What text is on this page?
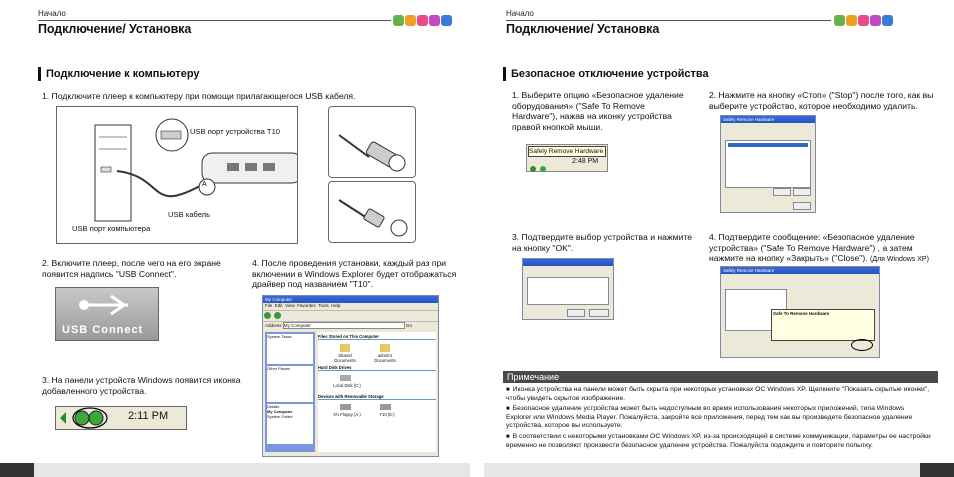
Начало
Подключение/ Установка
Подключение к компьютеру
1. Подключите плеер к компьютеру при помощи прилагающегося USB кабеля.
USB порт устройства T10
A
USB кабель
USB порт компьютера
2. Включите плеер, после чего на его экране появится надпись "USB Connect".
USB Connect
3. На панели устройств Windows появится иконка добавленного устройства.
2:11 PM
4. После проведения установки, каждый раз при включении в Windows Explorer будет отображаться драйвер под названием "T10".
My Computer
File Edit View Favorites Tools Help

Address My Computer	Go
System Tasks
Other Places
Details
My Computer
System Folder
Files Stored on This Computer
Shared Documents
admin's Documents
Hard Disk Drives
Local Disk (C:)
Devices with Removable Storage
3½ Floppy (A:)	T10 (E:)
Начало
Подключение/ Установка
Безопасное отключение устройства
1. Выберите опцию «Безопасное удаление оборудования» ("Safe To Remove Hardware"), нажав на иконку устройства правой кнопкой мыши.
Safely Remove Hardware

2:48 PM
2. Нажмите на кнопку «Стоп» ("Stop") после того, как вы выберите устройство, которое необходимо удалить.
Safely Remove Hardware
3. Подтвердите выбор устройства и нажмите на кнопку "OK".
4. Подтвердите сообщение: «Безопасное удаление устройства» ("Safe To Remove Hardware") , а затем нажмите на кнопку «Закрыть» ("Close"). (Для Windows XP)
Safely Remove Hardware
Safe To Remove Hardware
Примечание
■ Иконка устройства на панели может быть скрыта при некоторых установках ОС Windows XP. Щелкните "Показать скрытые иконки", чтобы увидеть скрытое изображение.
■ Безопасное удаление устройства может быть недоступным во время использования некоторых приложений, типа Windows Explorer или Windows Media Player. Пожалуйста, закройте все приложения, перед тем как вы произведете безопасное удаление устройства, которое вы используете.
■ В соответствии с некоторыми установками ОС Windows XP, из-за происходящей в системе коммуникации, параметры ее настройки временно не позволяют произвести безопасное удаление устройства. Пожалуйста подождите и повторите попытку.
